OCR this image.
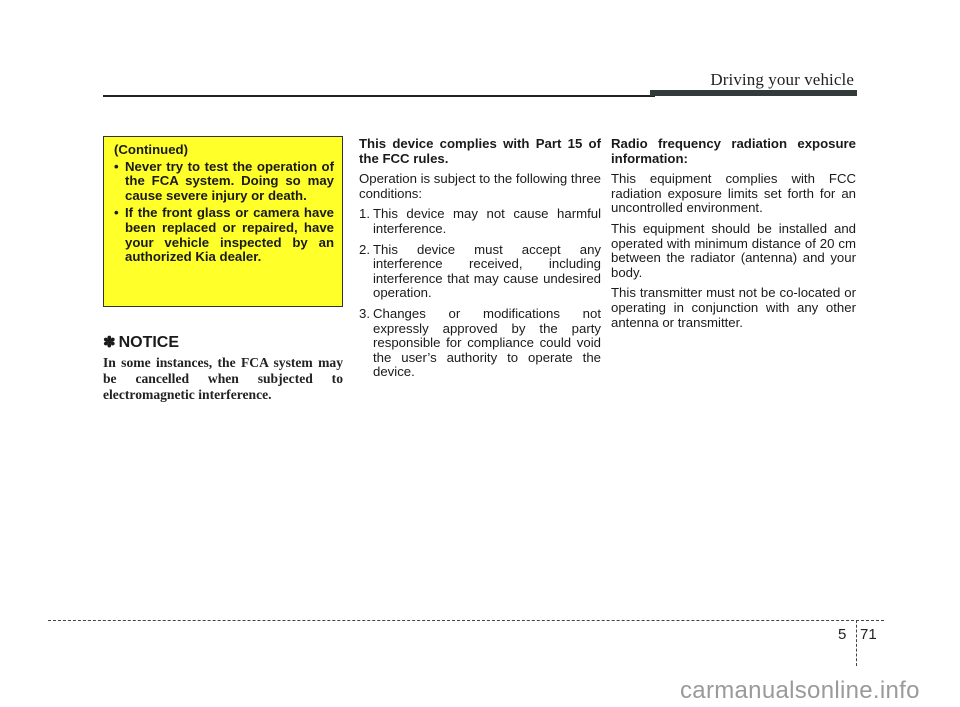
Driving your vehicle
(Continued)
• Never try to test the operation of the FCA system. Doing so may cause severe injury or death.
• If the front glass or camera have been replaced or repaired, have your vehicle inspected by an authorized Kia dealer.
✽ NOTICE
In some instances, the FCA system may be cancelled when subjected to electromagnetic interference.
This device complies with Part 15 of the FCC rules.
Operation is subject to the following three conditions:
1. This device may not cause harmful interference.
2. This device must accept any interference received, including interference that may cause undesired operation.
3. Changes or modifications not expressly approved by the party responsible for compliance could void the user’s authority to operate the device.
Radio frequency radiation exposure information:
This equipment complies with FCC radiation exposure limits set forth for an uncontrolled environment.
This equipment should be installed and operated with minimum distance of 20 cm between the radiator (antenna) and your body.
This transmitter must not be co-located or operating in conjunction with any other antenna or transmitter.
5 71
carmanualsonline.info
